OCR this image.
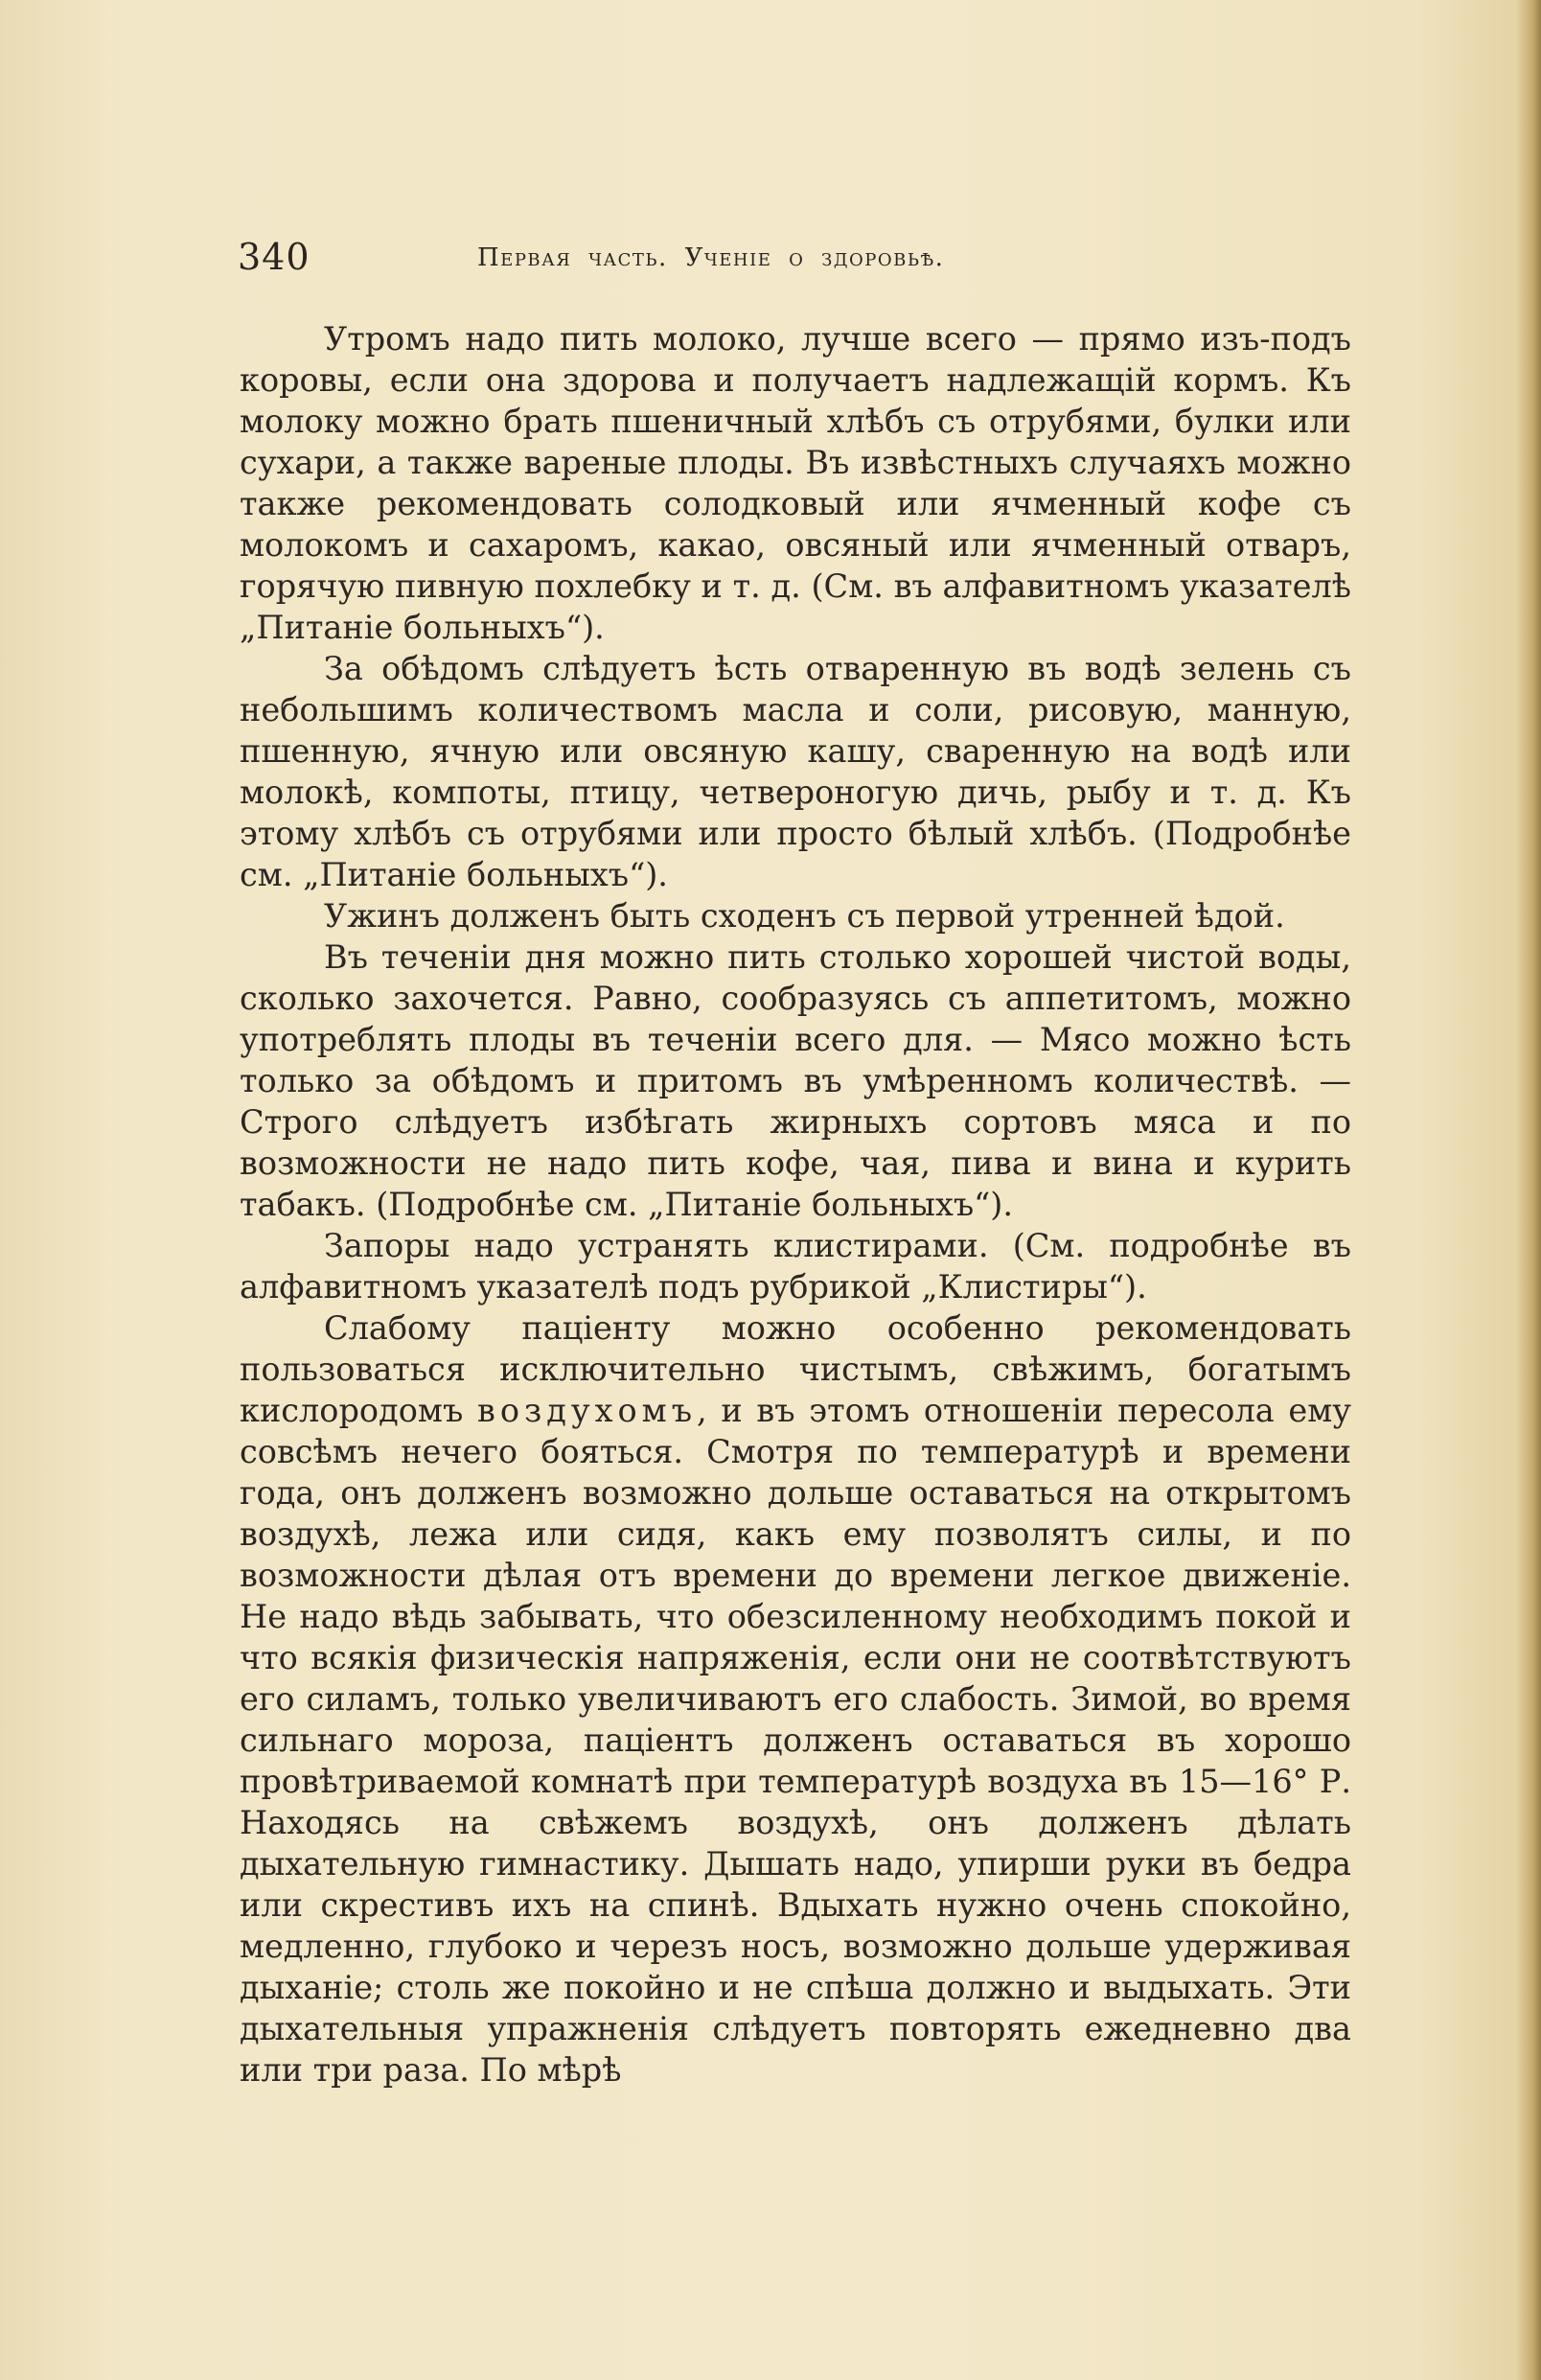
340	Первая часть. Ученіе о здоровьѣ.

Утромъ надо пить молоко, лучше всего — прямо изъ-подъ коровы, если она здорова и получаетъ надлежащій кормъ. Къ молоку можно брать пшеничный хлѣбъ съ отрубями, булки или сухари, а также вареные плоды. Въ извѣстныхъ случаяхъ можно также рекомендовать солодковый или ячменный кофе съ молокомъ и сахаромъ, какао, овсяный или ячменный отваръ, горячую пивную похлебку и т. д. (См. въ алфавитномъ указателѣ „Питаніе больныхъ“).

За обѣдомъ слѣдуетъ ѣсть отваренную въ водѣ зелень съ небольшимъ количествомъ масла и соли, рисовую, манную, пшенную, ячную или овсяную кашу, сваренную на водѣ или молокѣ, компоты, птицу, четвероногую дичь, рыбу и т. д. Къ этому хлѣбъ съ отрубями или просто бѣлый хлѣбъ. (Подробнѣе см. „Питаніе больныхъ“).

Ужинъ долженъ быть сходенъ съ первой утренней ѣдой.

Въ теченіи дня можно пить столько хорошей чистой воды, сколько захочется. Равно, сообразуясь съ аппетитомъ, можно употреблять плоды въ теченіи всего для. — Мясо можно ѣсть только за обѣдомъ и притомъ въ умѣренномъ количествѣ. — Строго слѣдуетъ избѣгать жирныхъ сортовъ мяса и по возможности не надо пить кофе, чая, пива и вина и курить табакъ. (Подробнѣе см. „Питаніе больныхъ“).

Запоры надо устранять клистирами. (См. подробнѣе въ алфавитномъ указателѣ подъ рубрикой „Клистиры“).

Слабому паціенту можно особенно рекомендовать пользоваться исключительно чистымъ, свѣжимъ, богатымъ кислородомъ воздухомъ, и въ этомъ отношеніи пересола ему совсѣмъ нечего бояться. Смотря по температурѣ и времени года, онъ долженъ возможно дольше оставаться на открытомъ воздухѣ, лежа или сидя, какъ ему позволятъ силы, и по возможности дѣлая отъ времени до времени легкое движеніе. Не надо вѣдь забывать, что обезсиленному необходимъ покой и что всякія физическія напряженія, если они не соотвѣтствуютъ его силамъ, только увеличиваютъ его слабость. Зимой, во время сильнаго мороза, паціентъ долженъ оставаться въ хорошо провѣтриваемой комнатѣ при температурѣ воздуха въ 15—16° Р. Находясь на свѣжемъ воздухѣ, онъ долженъ дѣлать дыхательную гимнастику. Дышать надо, упирши руки въ бедра или скрестивъ ихъ на спинѣ. Вдыхать нужно очень спокойно, медленно, глубоко и черезъ носъ, возможно дольше удерживая дыханіе; столь же покойно и не спѣша должно и выдыхать. Эти дыхательныя упражненія слѣдуетъ повторять ежедневно два или три раза. По мѣрѣ
